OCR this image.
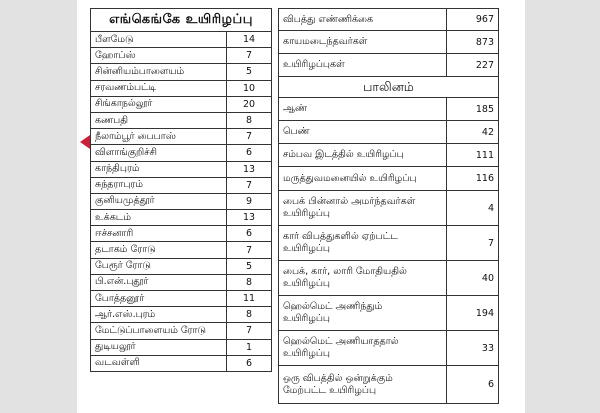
எங்கெங்கே உயிரிழப்பு	
பீளமேடு	14
ஹோப்ஸ்	7
சின்னியம்பாளையம்	5
சரவணம்பட்டி	10
சிங்காநல்லூர்	20
கணபதி	8
நீலாம்பூர் பைபாஸ்	7
விளாங்குறிச்சி	6
காந்திபுரம்	13
சுந்தராபுரம்	7
குனியமுத்தூர்	9
உக்கடம்	13
ஈச்சனாரி	6
தடாகம் ரோடு	7
பேரூர் ரோடு	5
பி.என்.புதூர்	8
போத்தனூர்	11
ஆர்.எஸ்.புரம்	8
மேட்டுப்பாளையம் ரோடு	7
துடியலூர்	1
வடவள்ளி	6
விபத்து எண்ணிக்கை	967
காயமடைந்தவர்கள்	873
உயிரிழப்புகள்	227
பாலினம்	
ஆண்	185
பெண்	42
சம்பவ இடத்தில் உயிரிழப்பு	111
மருத்துவமனையில் உயிரிழப்பு	116
பைக் பின்னால் அமர்ந்தவர்கள்
உயிரிழப்பு	4
கார் விபத்துகளில் ஏற்பட்ட
உயிரிழப்பு	7
பைக், கார், லாரி மோதியதில்
உயிரிழப்பு	40
ஹெல்மெட் அணிந்தும்
உயிரிழப்பு	194
ஹெல்மெட் அணியாததால்
உயிரிழப்பு	33
ஒரு விபத்தில் ஒன்றுக்கும்
மேற்பட்ட உயிரிழப்பு	6
